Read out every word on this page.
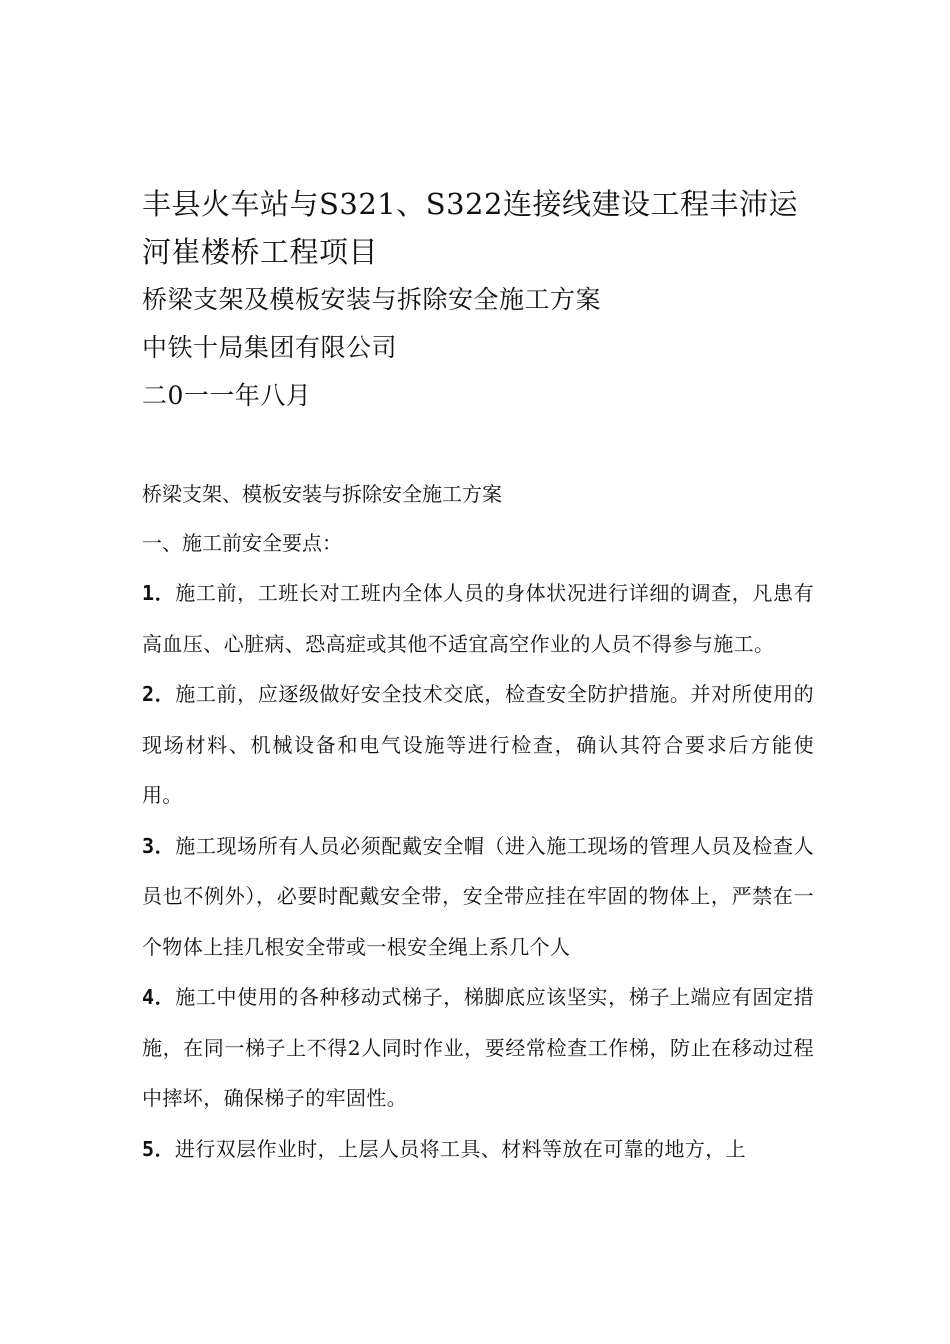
丰县火车站与S321、S322连接线建设工程丰沛运河崔楼桥工程项目

桥梁支架及模板安装与拆除安全施工方案

中铁十局集团有限公司

二0一一年八月

桥梁支架、模板安装与拆除安全施工方案

一、施工前安全要点：

1．施工前，工班长对工班内全体人员的身体状况进行详细的调查，凡患有高血压、心脏病、恐高症或其他不适宜高空作业的人员不得参与施工。

2．施工前，应逐级做好安全技术交底，检查安全防护措施。并对所使用的现场材料、机械设备和电气设施等进行检查，确认其符合要求后方能使用。

3．施工现场所有人员必须配戴安全帽（进入施工现场的管理人员及检查人员也不例外），必要时配戴安全带，安全带应挂在牢固的物体上，严禁在一个物体上挂几根安全带或一根安全绳上系几个人

4．施工中使用的各种移动式梯子，梯脚底应该坚实，梯子上端应有固定措施，在同一梯子上不得2人同时作业，要经常检查工作梯，防止在移动过程中摔坏，确保梯子的牢固性。

5．进行双层作业时，上层人员将工具、材料等放在可靠的地方，上
